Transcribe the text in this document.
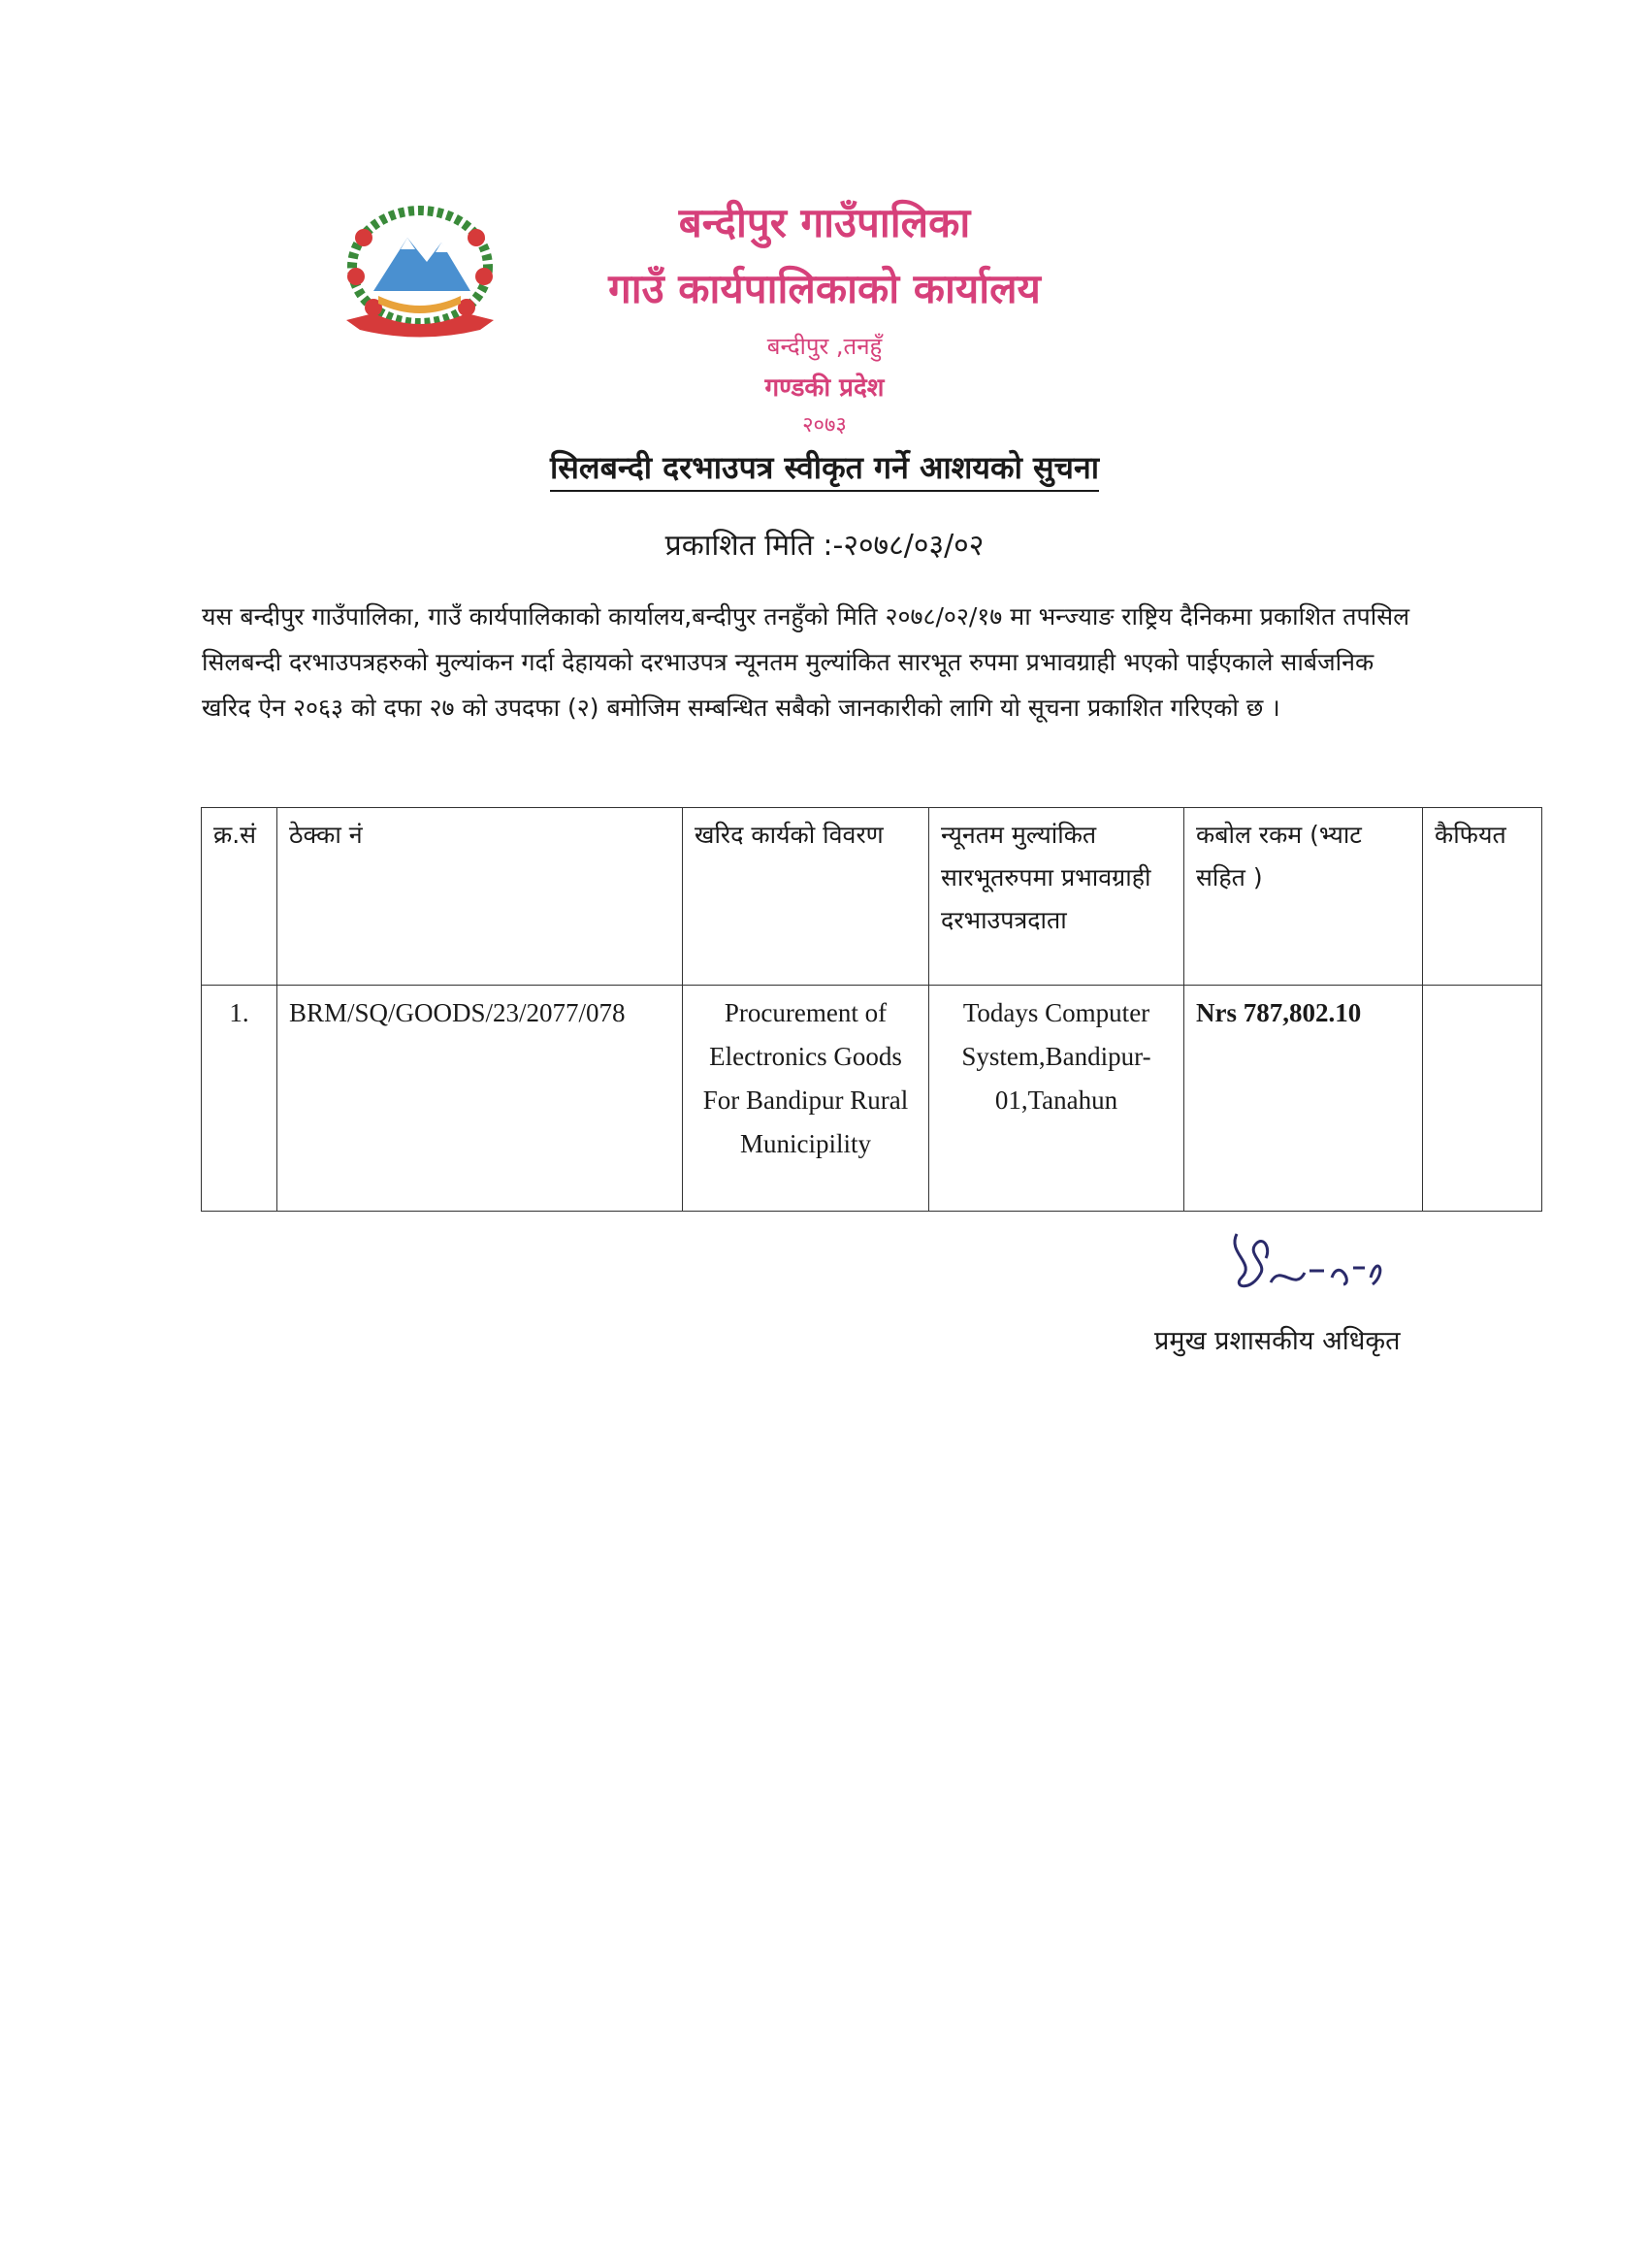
बन्दीपुर गाउँपालिका
गाउँ कार्यपालिकाको कार्यालय
बन्दीपुर ,तनहुँ
गण्डकी प्रदेश
२०७३
सिलबन्दी दरभाउपत्र स्वीकृत गर्ने आशयको सुचना
प्रकाशित मिति :-२०७८/०३/०२
यस बन्दीपुर गाउँपालिका, गाउँ कार्यपालिकाको कार्यालय,बन्दीपुर तनहुँको मिति २०७८/०२/१७ मा भन्ज्याङ राष्ट्रिय दैनिकमा प्रकाशित तपसिल सिलबन्दी दरभाउपत्रहरुको मुल्यांकन गर्दा देहायको दरभाउपत्र न्यूनतम मुल्यांकित सारभूत रुपमा प्रभावग्राही भएको पाईएकाले सार्बजनिक खरिद ऐन २०६३ को दफा २७ को उपदफा (२) बमोजिम सम्बन्धित सबैको जानकारीको लागि यो सूचना प्रकाशित गरिएको छ ।
क्र.सं	ठेक्का नं	खरिद कार्यको विवरण	न्यूनतम मुल्यांकित सारभूतरुपमा प्रभावग्राही दरभाउपत्रदाता	कबोल रकम (भ्याट सहित )	कैफियत
1.	BRM/SQ/GOODS/23/2077/078	Procurement of Electronics Goods For Bandipur Rural Municipility	Todays Computer System,Bandipur-01,Tanahun	Nrs 787,802.10	
प्रमुख प्रशासकीय अधिकृत
